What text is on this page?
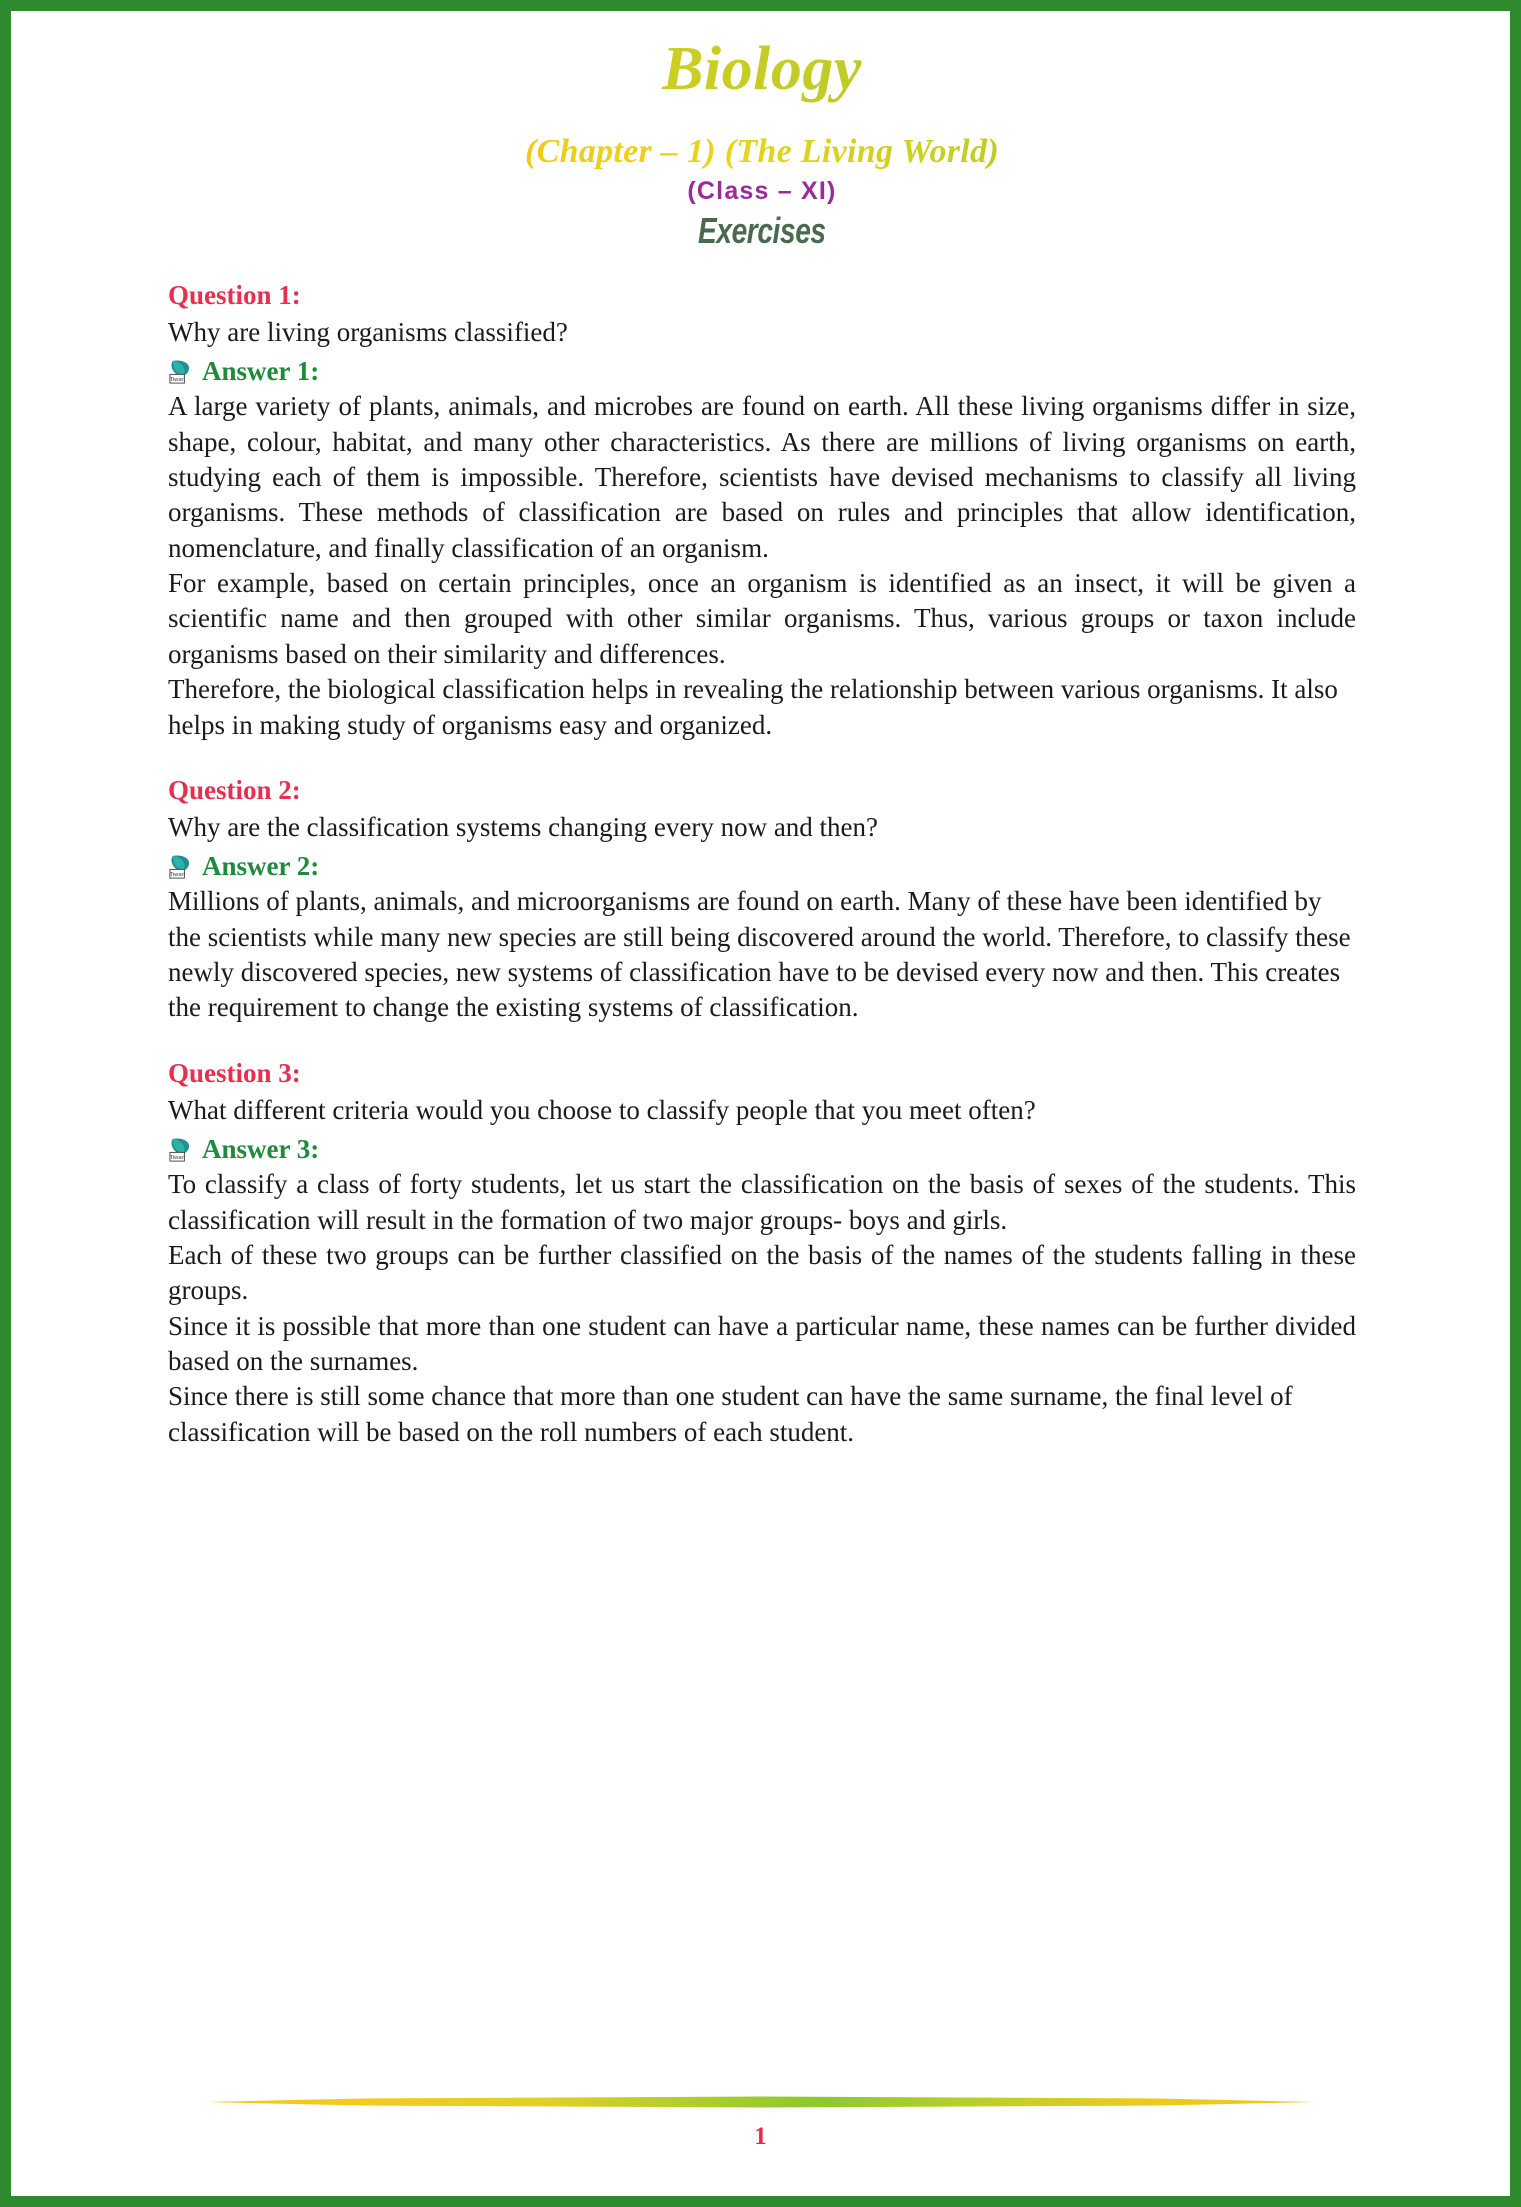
Biology
(Chapter – 1) (The Living World)
(Class – XI)
Exercises
Question 1:
Why are living organisms classified?
Tiwari Answer 1:

A large variety of plants, animals, and microbes are found on earth. All these living organisms differ in size, shape, colour, habitat, and many other characteristics. As there are millions of living organisms on earth, studying each of them is impossible. Therefore, scientists have devised mechanisms to classify all living organisms. These methods of classification are based on rules and principles that allow identification, nomenclature, and finally classification of an organism.

For example, based on certain principles, once an organism is identified as an insect, it will be given a scientific name and then grouped with other similar organisms. Thus, various groups or taxon include organisms based on their similarity and differences.

Therefore, the biological classification helps in revealing the relationship between various organisms. It also helps in making study of organisms easy and organized.

Question 2:
Why are the classification systems changing every now and then?
Tiwari Answer 2:

Millions of plants, animals, and microorganisms are found on earth. Many of these have been identified by the scientists while many new species are still being discovered around the world. Therefore, to classify these newly discovered species, new systems of classification have to be devised every now and then. This creates the requirement to change the existing systems of classification.

Question 3:
What different criteria would you choose to classify people that you meet often?
Tiwari Answer 3:

To classify a class of forty students, let us start the classification on the basis of sexes of the students. This classification will result in the formation of two major groups- boys and girls.

Each of these two groups can be further classified on the basis of the names of the students falling in these groups.

Since it is possible that more than one student can have a particular name, these names can be further divided based on the surnames.

Since there is still some chance that more than one student can have the same surname, the final level of classification will be based on the roll numbers of each student.

1
